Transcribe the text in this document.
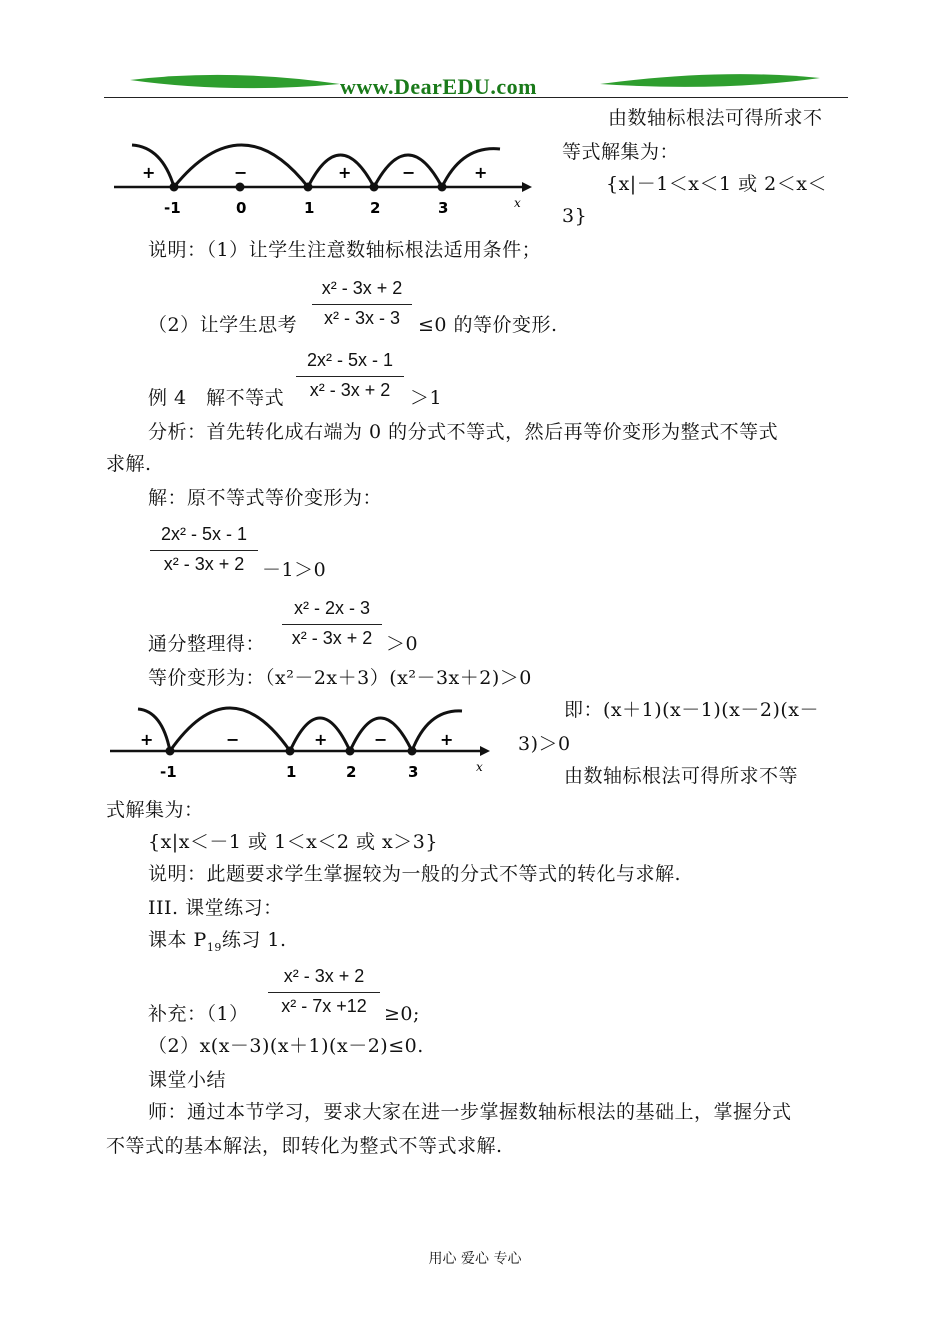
www.DearEDU.com
+	−	+	−	+
-1	0	1	2	3	x
由数轴标根法可得所求不
等式解集为：
{x|－1＜x＜1 或 2＜x＜
3}
说明：（1）让学生注意数轴标根法适用条件；
（2）让学生思考
x² - 3x + 2
x² - 3x - 3 ≤0 的等价变形.
例 4　解不等式
2x² - 5x - 1
x² - 3x + 2	＞1
分析：首先转化成右端为 0 的分式不等式，然后再等价变形为整式不等式
求解.
解：原不等式等价变形为：
2x² - 5x - 1
x² - 3x + 2 －1＞0
通分整理得：
x² - 2x - 3
x² - 3x + 2 ＞0
等价变形为：（x²－2x＋3）(x²－3x＋2)＞0
+	−	+	−	+
-1	1	2	3	x
即：(x＋1)(x－1)(x－2)(x－
3)＞0
由数轴标根法可得所求不等
式解集为：
{x|x＜－1 或 1＜x＜2 或 x＞3}
说明：此题要求学生掌握较为一般的分式不等式的转化与求解.
III. 课堂练习：
课本 $P_{19}$练习 1.
补充：（1）
x² - 3x + 2
x² - 7x +12 ≥0;
（2）x(x－3)(x＋1)(x－2)≤0.
课堂小结
师：通过本节学习，要求大家在进一步掌握数轴标根法的基础上，掌握分式
不等式的基本解法，即转化为整式不等式求解.
用心 爱心 专心
